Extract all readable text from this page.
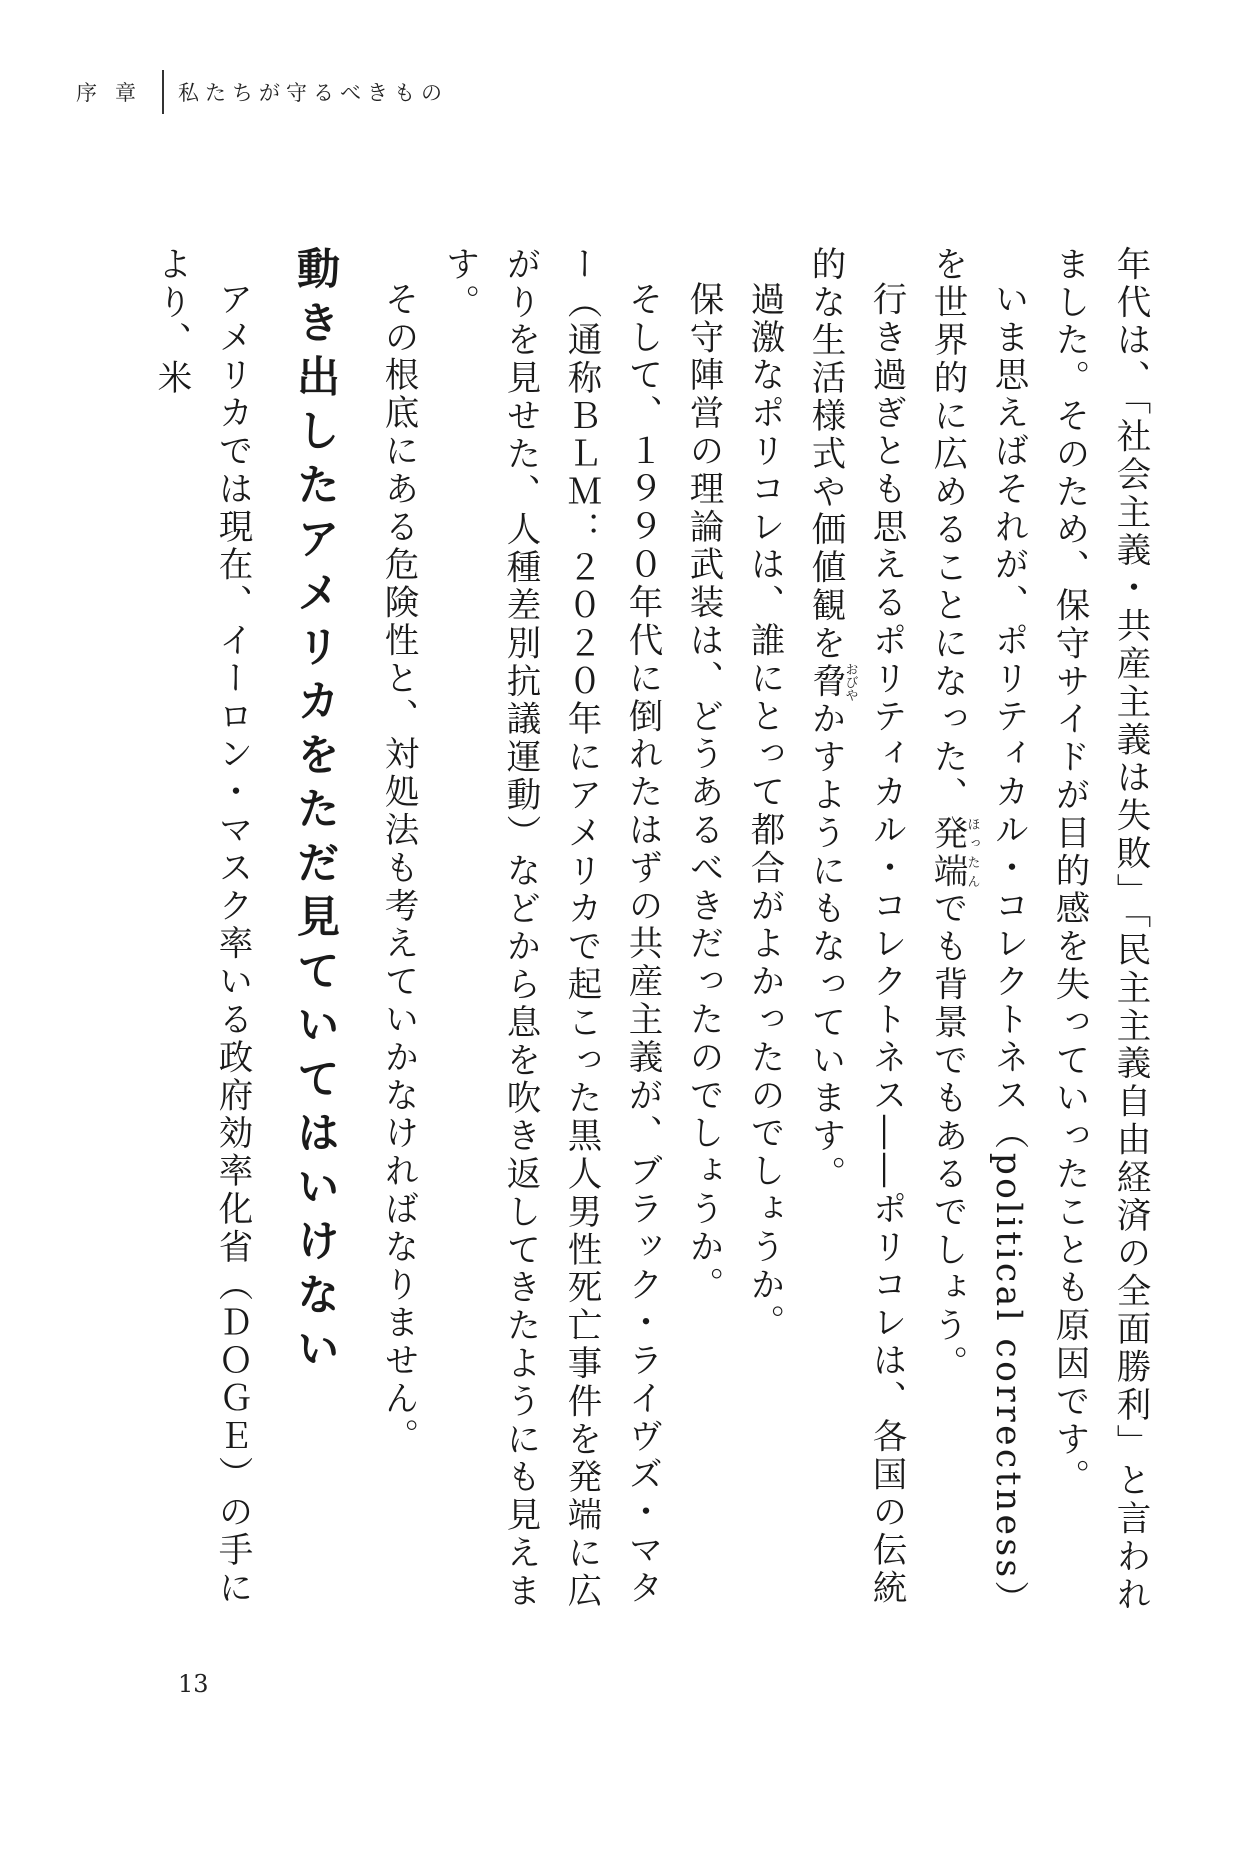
序章 私たちが守るべきもの

年代は、「社会主義・共産主義は失敗」「民主主義自由経済の全面勝利」と言われました。そのため、保守サイドが目的感を失っていったことも原因です。

いま思えばそれが、ポリティカル・コレクトネス（political correctness）を世界的に広めることになった、発端ほったんでも背景でもあるでしょう。

行き過ぎとも思えるポリティカル・コレクトネス――ポリコレは、各国の伝統的な生活様式や価値観を脅おびやかすようにもなっています。

過激なポリコレは、誰にとって都合がよかったのでしょうか。

保守陣営の理論武装は、どうあるべきだったのでしょうか。

そして、１９９０年代に倒れたはずの共産主義が、ブラック・ライヴズ・マター（通称ＢＬＭ：２０２０年にアメリカで起こった黒人男性死亡事件を発端に広がりを見せた、人種差別抗議運動）などから息を吹き返してきたようにも見えます。

その根底にある危険性と、対処法も考えていかなければなりません。

動き出したアメリカをただ見ていてはいけない

アメリカでは現在、イーロン・マスク率いる政府効率化省（ＤＯＧＥ）の手により、米

13
